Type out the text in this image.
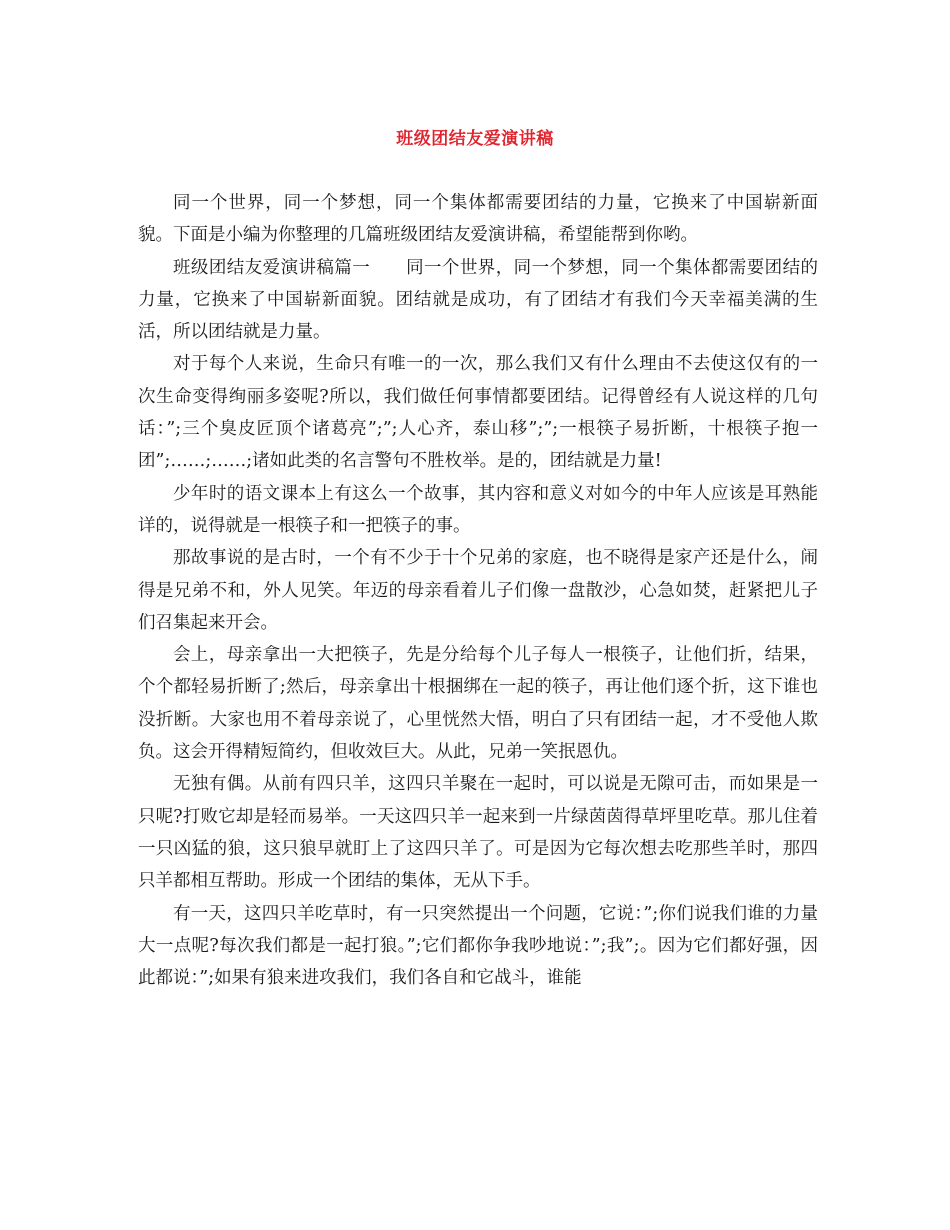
班级团结友爱演讲稿

同一个世界，同一个梦想，同一个集体都需要团结的力量，它换来了中国崭新面貌。下面是小编为你整理的几篇班级团结友爱演讲稿，希望能帮到你哟。

班级团结友爱演讲稿篇一　　同一个世界，同一个梦想，同一个集体都需要团结的力量，它换来了中国崭新面貌。团结就是成功，有了团结才有我们今天幸福美满的生活，所以团结就是力量。

对于每个人来说，生命只有唯一的一次，那么我们又有什么理由不去使这仅有的一次生命变得绚丽多姿呢?所以，我们做任何事情都要团结。记得曾经有人说这样的几句话：”;三个臭皮匠顶个诸葛亮”;”;人心齐，泰山移”;”;一根筷子易折断，十根筷子抱一团”;……;……;诸如此类的名言警句不胜枚举。是的，团结就是力量!

少年时的语文课本上有这么一个故事，其内容和意义对如今的中年人应该是耳熟能详的，说得就是一根筷子和一把筷子的事。

那故事说的是古时，一个有不少于十个兄弟的家庭，也不晓得是家产还是什么，闹得是兄弟不和，外人见笑。年迈的母亲看着儿子们像一盘散沙，心急如焚，赶紧把儿子们召集起来开会。

会上，母亲拿出一大把筷子，先是分给每个儿子每人一根筷子，让他们折，结果，个个都轻易折断了;然后，母亲拿出十根捆绑在一起的筷子，再让他们逐个折，这下谁也没折断。大家也用不着母亲说了，心里恍然大悟，明白了只有团结一起，才不受他人欺负。这会开得精短简约，但收效巨大。从此，兄弟一笑抿恩仇。

无独有偶。从前有四只羊，这四只羊聚在一起时，可以说是无隙可击，而如果是一只呢?打败它却是轻而易举。一天这四只羊一起来到一片绿茵茵得草坪里吃草。那儿住着一只凶猛的狼，这只狼早就盯上了这四只羊了。可是因为它每次想去吃那些羊时，那四只羊都相互帮助。形成一个团结的集体，无从下手。

有一天，这四只羊吃草时，有一只突然提出一个问题，它说：”;你们说我们谁的力量大一点呢?每次我们都是一起打狼。”;它们都你争我吵地说：”;我”;。因为它们都好强，因此都说：”;如果有狼来进攻我们，我们各自和它战斗，谁能
